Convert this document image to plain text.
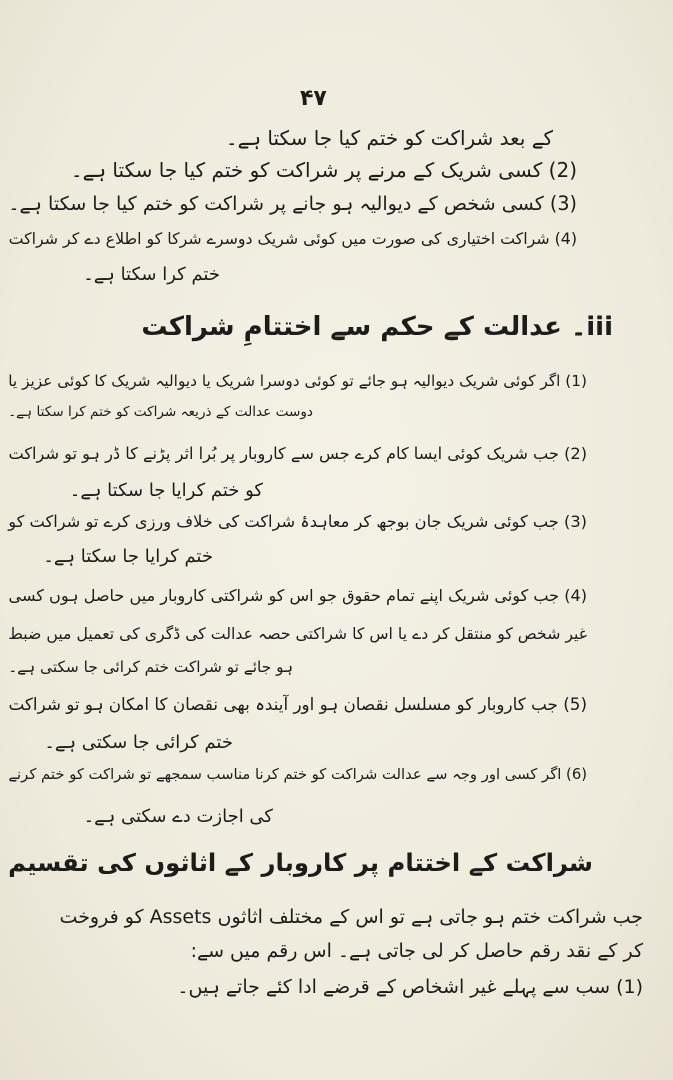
۴۷
کے بعد شراکت کو ختم کیا جا سکتا ہے۔
(2) کسی شریک کے مرنے پر شراکت کو ختم کیا جا سکتا ہے۔
(3) کسی شخص کے دیوالیہ ہو جانے پر شراکت کو ختم کیا جا سکتا ہے۔
(4) شراکت اختیاری کی صورت میں کوئی شریک دوسرے شرکا کو اطلاع دے کر شراکت
ختم کرا سکتا ہے۔
iii۔ عدالت کے حکم سے اختتامِ شراکت
(1) اگر کوئی شریک دیوالیہ ہو جائے تو کوئی دوسرا شریک یا دیوالیہ شریک کا کوئی عزیز یا
دوست عدالت کے ذریعہ شراکت کو ختم کرا سکتا ہے۔
(2) جب شریک کوئی ایسا کام کرے جس سے کاروبار پر بُرا اثر پڑنے کا ڈر ہو تو شراکت
کو ختم کرایا جا سکتا ہے۔
(3) جب کوئی شریک جان بوجھ کر معاہدۂ شراکت کی خلاف ورزی کرے تو شراکت کو
ختم کرایا جا سکتا ہے۔
(4) جب کوئی شریک اپنے تمام حقوق جو اس کو شراکتی کاروبار میں حاصل ہوں کسی
غیر شخص کو منتقل کر دے یا اس کا شراکتی حصہ عدالت کی ڈگری کی تعمیل میں ضبط
ہو جائے تو شراکت ختم کرائی جا سکتی ہے۔
(5) جب کاروبار کو مسلسل نقصان ہو اور آیندہ بھی نقصان کا امکان ہو تو شراکت
ختم کرائی جا سکتی ہے۔
(6) اگر کسی اور وجہ سے عدالت شراکت کو ختم کرنا مناسب سمجھے تو شراکت کو ختم کرنے
کی اجازت دے سکتی ہے۔
شراکت کے اختتام پر کاروبار کے اثاثوں کی تقسیم
جب شراکت ختم ہو جاتی ہے تو اس کے مختلف اثاثوں Assets کو فروخت
کر کے نقد رقم حاصل کر لی جاتی ہے۔ اس رقم میں سے:
(1) سب سے پہلے غیر اشخاص کے قرضے ادا کئے جاتے ہیں۔
